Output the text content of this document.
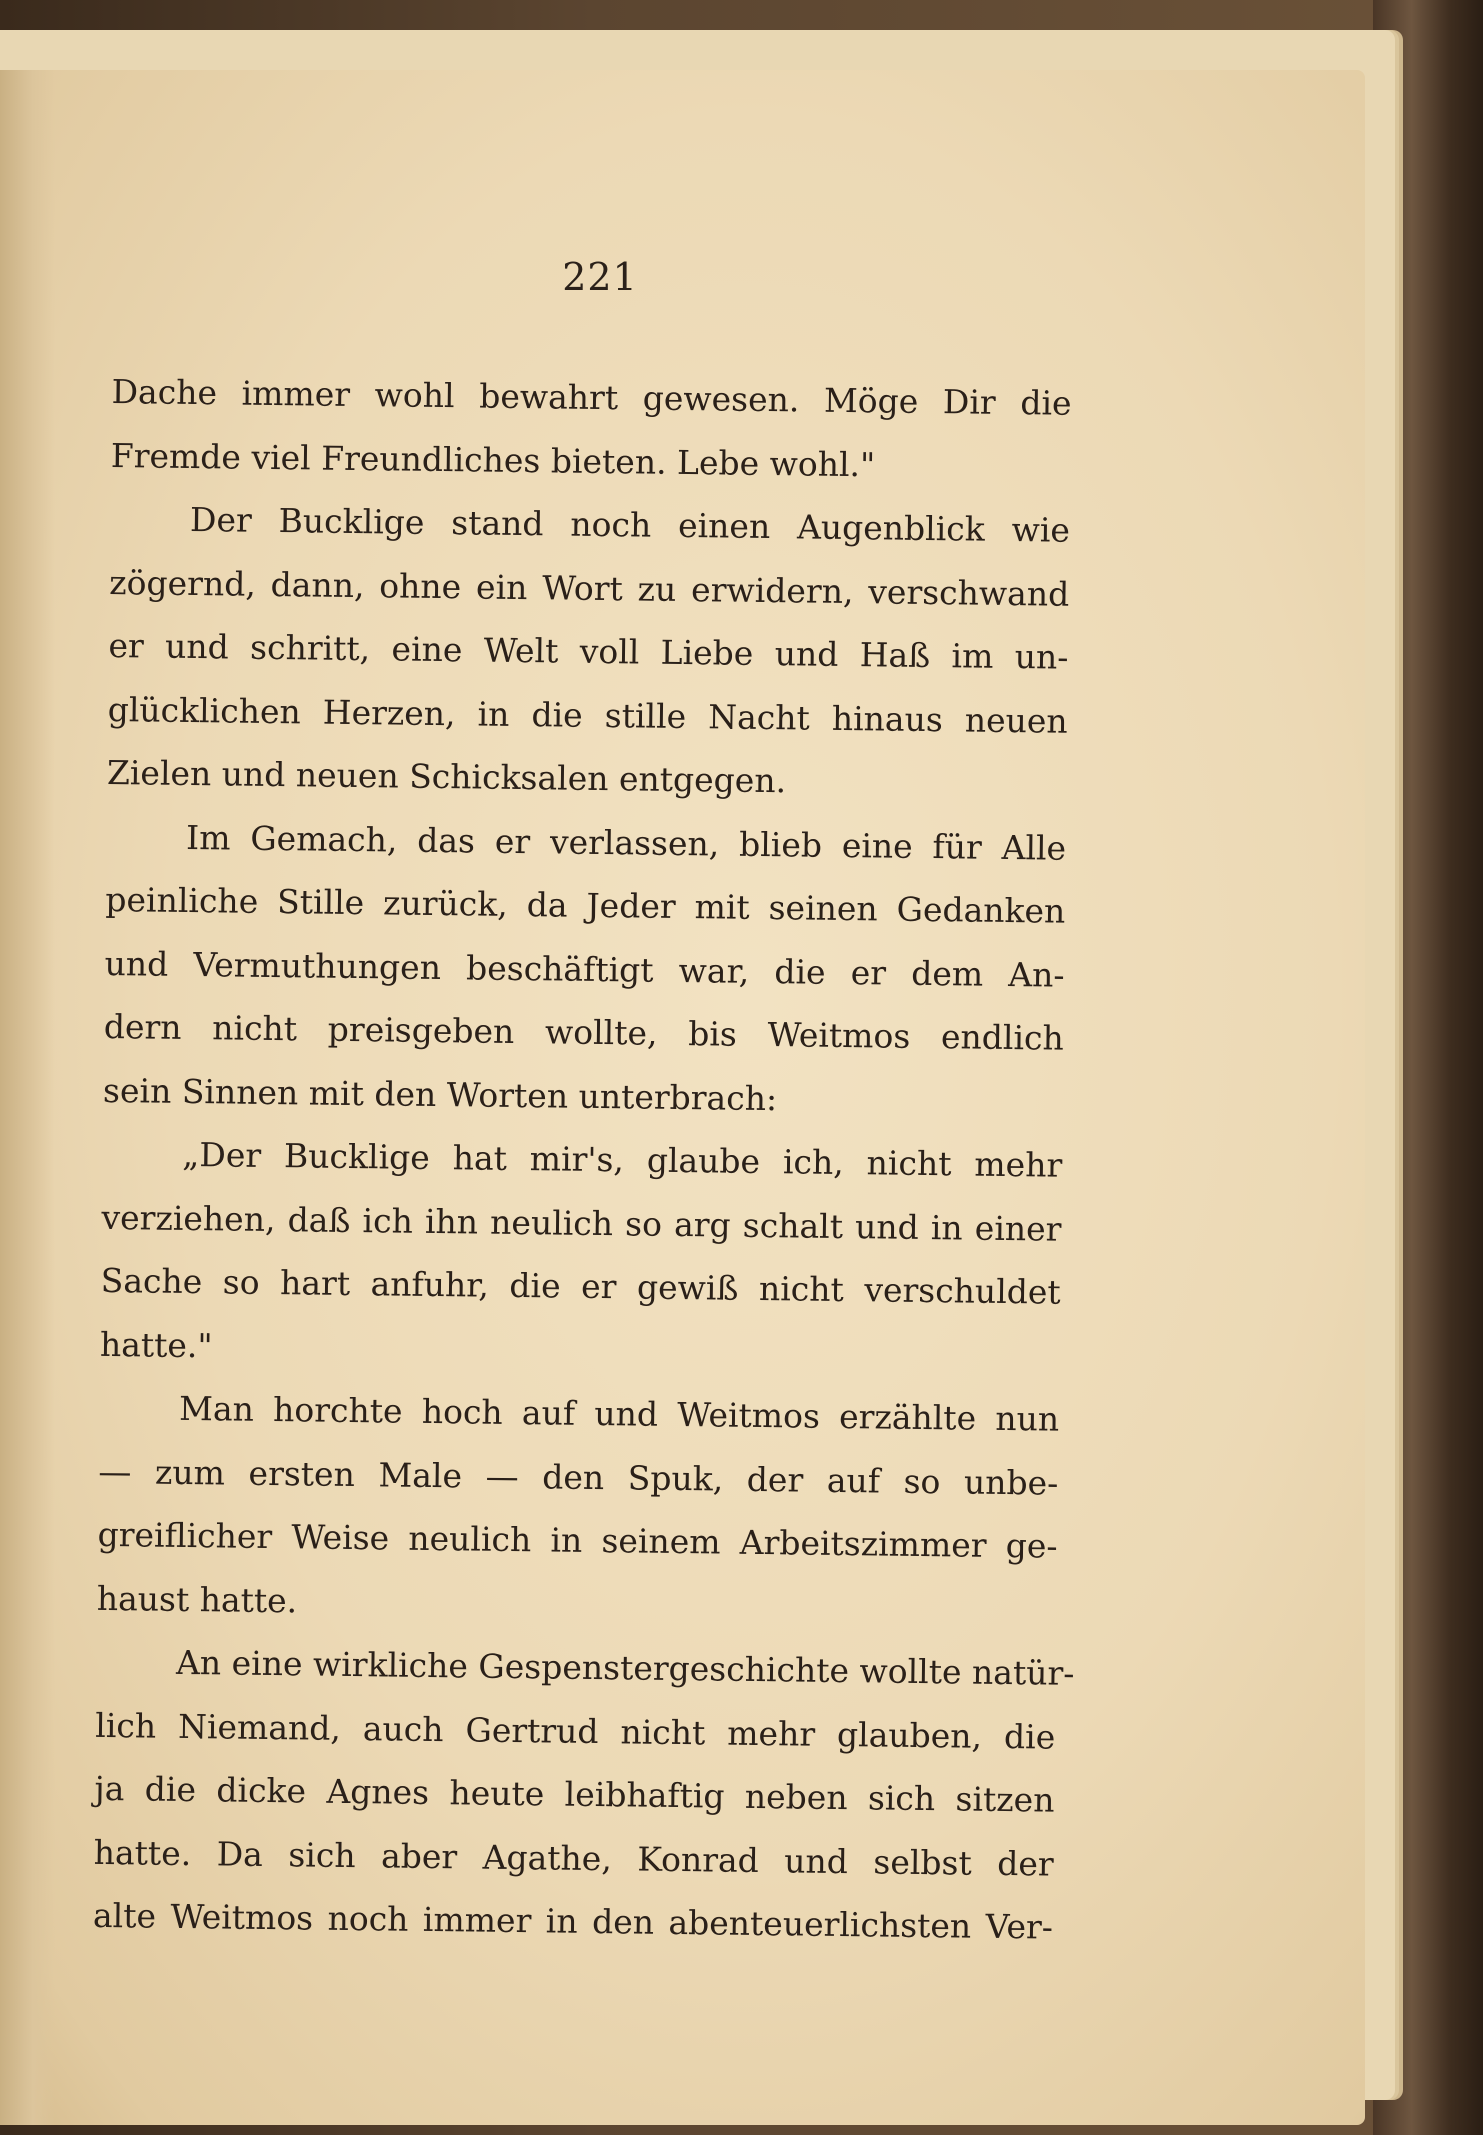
221
Dache immer wohl bewahrt gewesen. Möge Dir die
Fremde viel Freundliches bieten. Lebe wohl."
Der Bucklige stand noch einen Augenblick wie
zögernd, dann, ohne ein Wort zu erwidern, verschwand
er und schritt, eine Welt voll Liebe und Haß im un-
glücklichen Herzen, in die stille Nacht hinaus neuen
Zielen und neuen Schicksalen entgegen.
Im Gemach, das er verlassen, blieb eine für Alle
peinliche Stille zurück, da Jeder mit seinen Gedanken
und Vermuthungen beschäftigt war, die er dem An-
dern nicht preisgeben wollte, bis Weitmos endlich
sein Sinnen mit den Worten unterbrach:
„Der Bucklige hat mir's, glaube ich, nicht mehr
verziehen, daß ich ihn neulich so arg schalt und in einer
Sache so hart anfuhr, die er gewiß nicht verschuldet
hatte."
Man horchte hoch auf und Weitmos erzählte nun
— zum ersten Male — den Spuk, der auf so unbe-
greiflicher Weise neulich in seinem Arbeitszimmer ge-
haust hatte.
An eine wirkliche Gespenstergeschichte wollte natür-
lich Niemand, auch Gertrud nicht mehr glauben, die
ja die dicke Agnes heute leibhaftig neben sich sitzen
hatte. Da sich aber Agathe, Konrad und selbst der
alte Weitmos noch immer in den abenteuerlichsten Ver-
